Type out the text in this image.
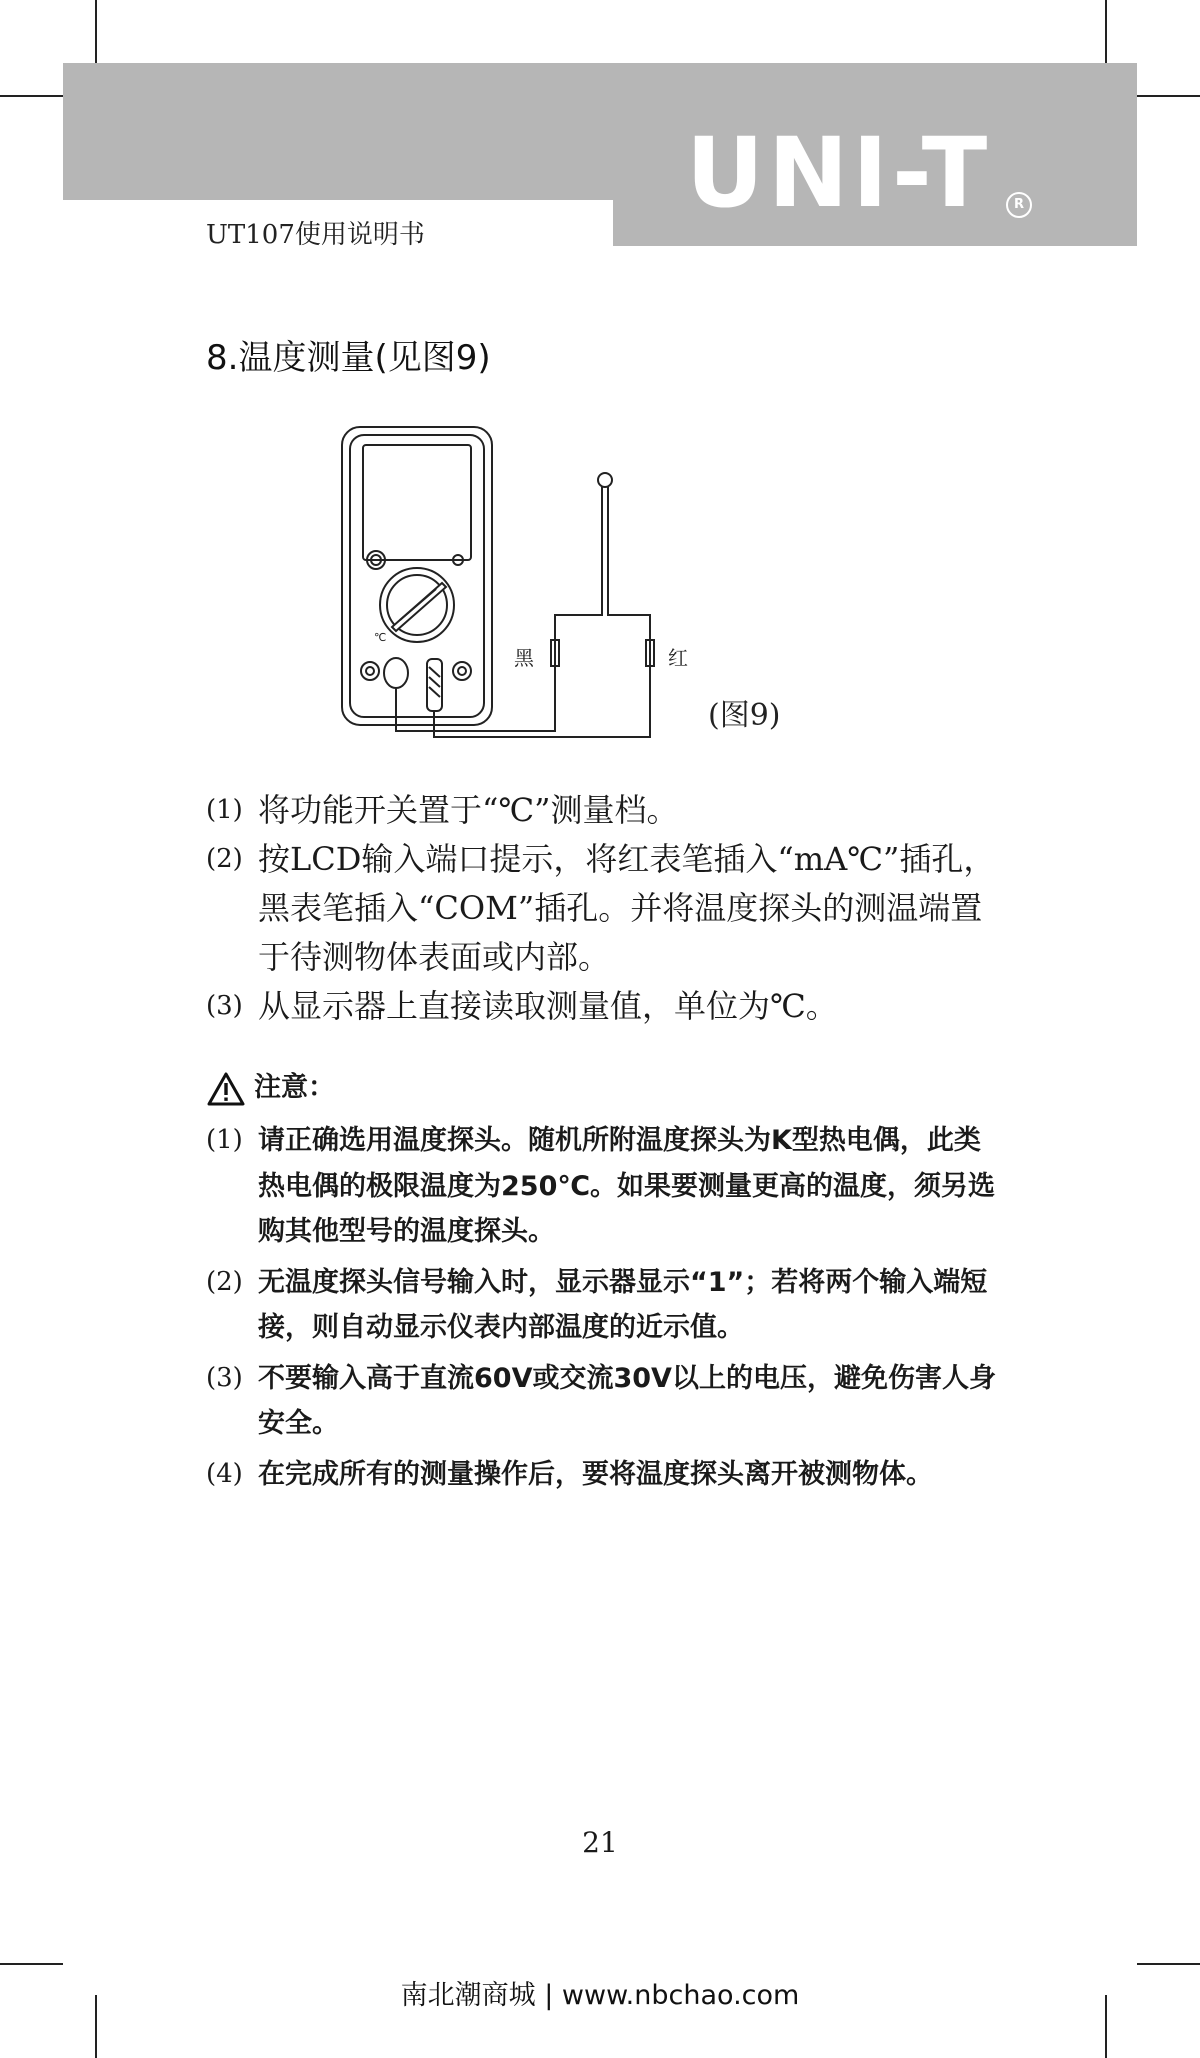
UNI-T	R
UT107使用说明书
8.温度测量(见图9)
℃
黑	红
(图9)
(1) 将功能开关置于“℃”测量档。
(2) 按LCD输入端口提示，将红表笔插入“mA℃”插孔，黑表笔插入“COM”插孔。并将温度探头的测温端置于待测物体表面或内部。
(3) 从显示器上直接读取测量值，单位为℃。
注意：
(1) 请正确选用温度探头。随机所附温度探头为K型热电偶，此类热电偶的极限温度为250℃。如果要测量更高的温度，须另选购其他型号的温度探头。
(2) 无温度探头信号输入时，显示器显示“1”；若将两个输入端短接，则自动显示仪表内部温度的近示值。
(3) 不要输入高于直流60V或交流30V以上的电压，避免伤害人身安全。
(4) 在完成所有的测量操作后，要将温度探头离开被测物体。
21
南北潮商城 | www.nbchao.com
